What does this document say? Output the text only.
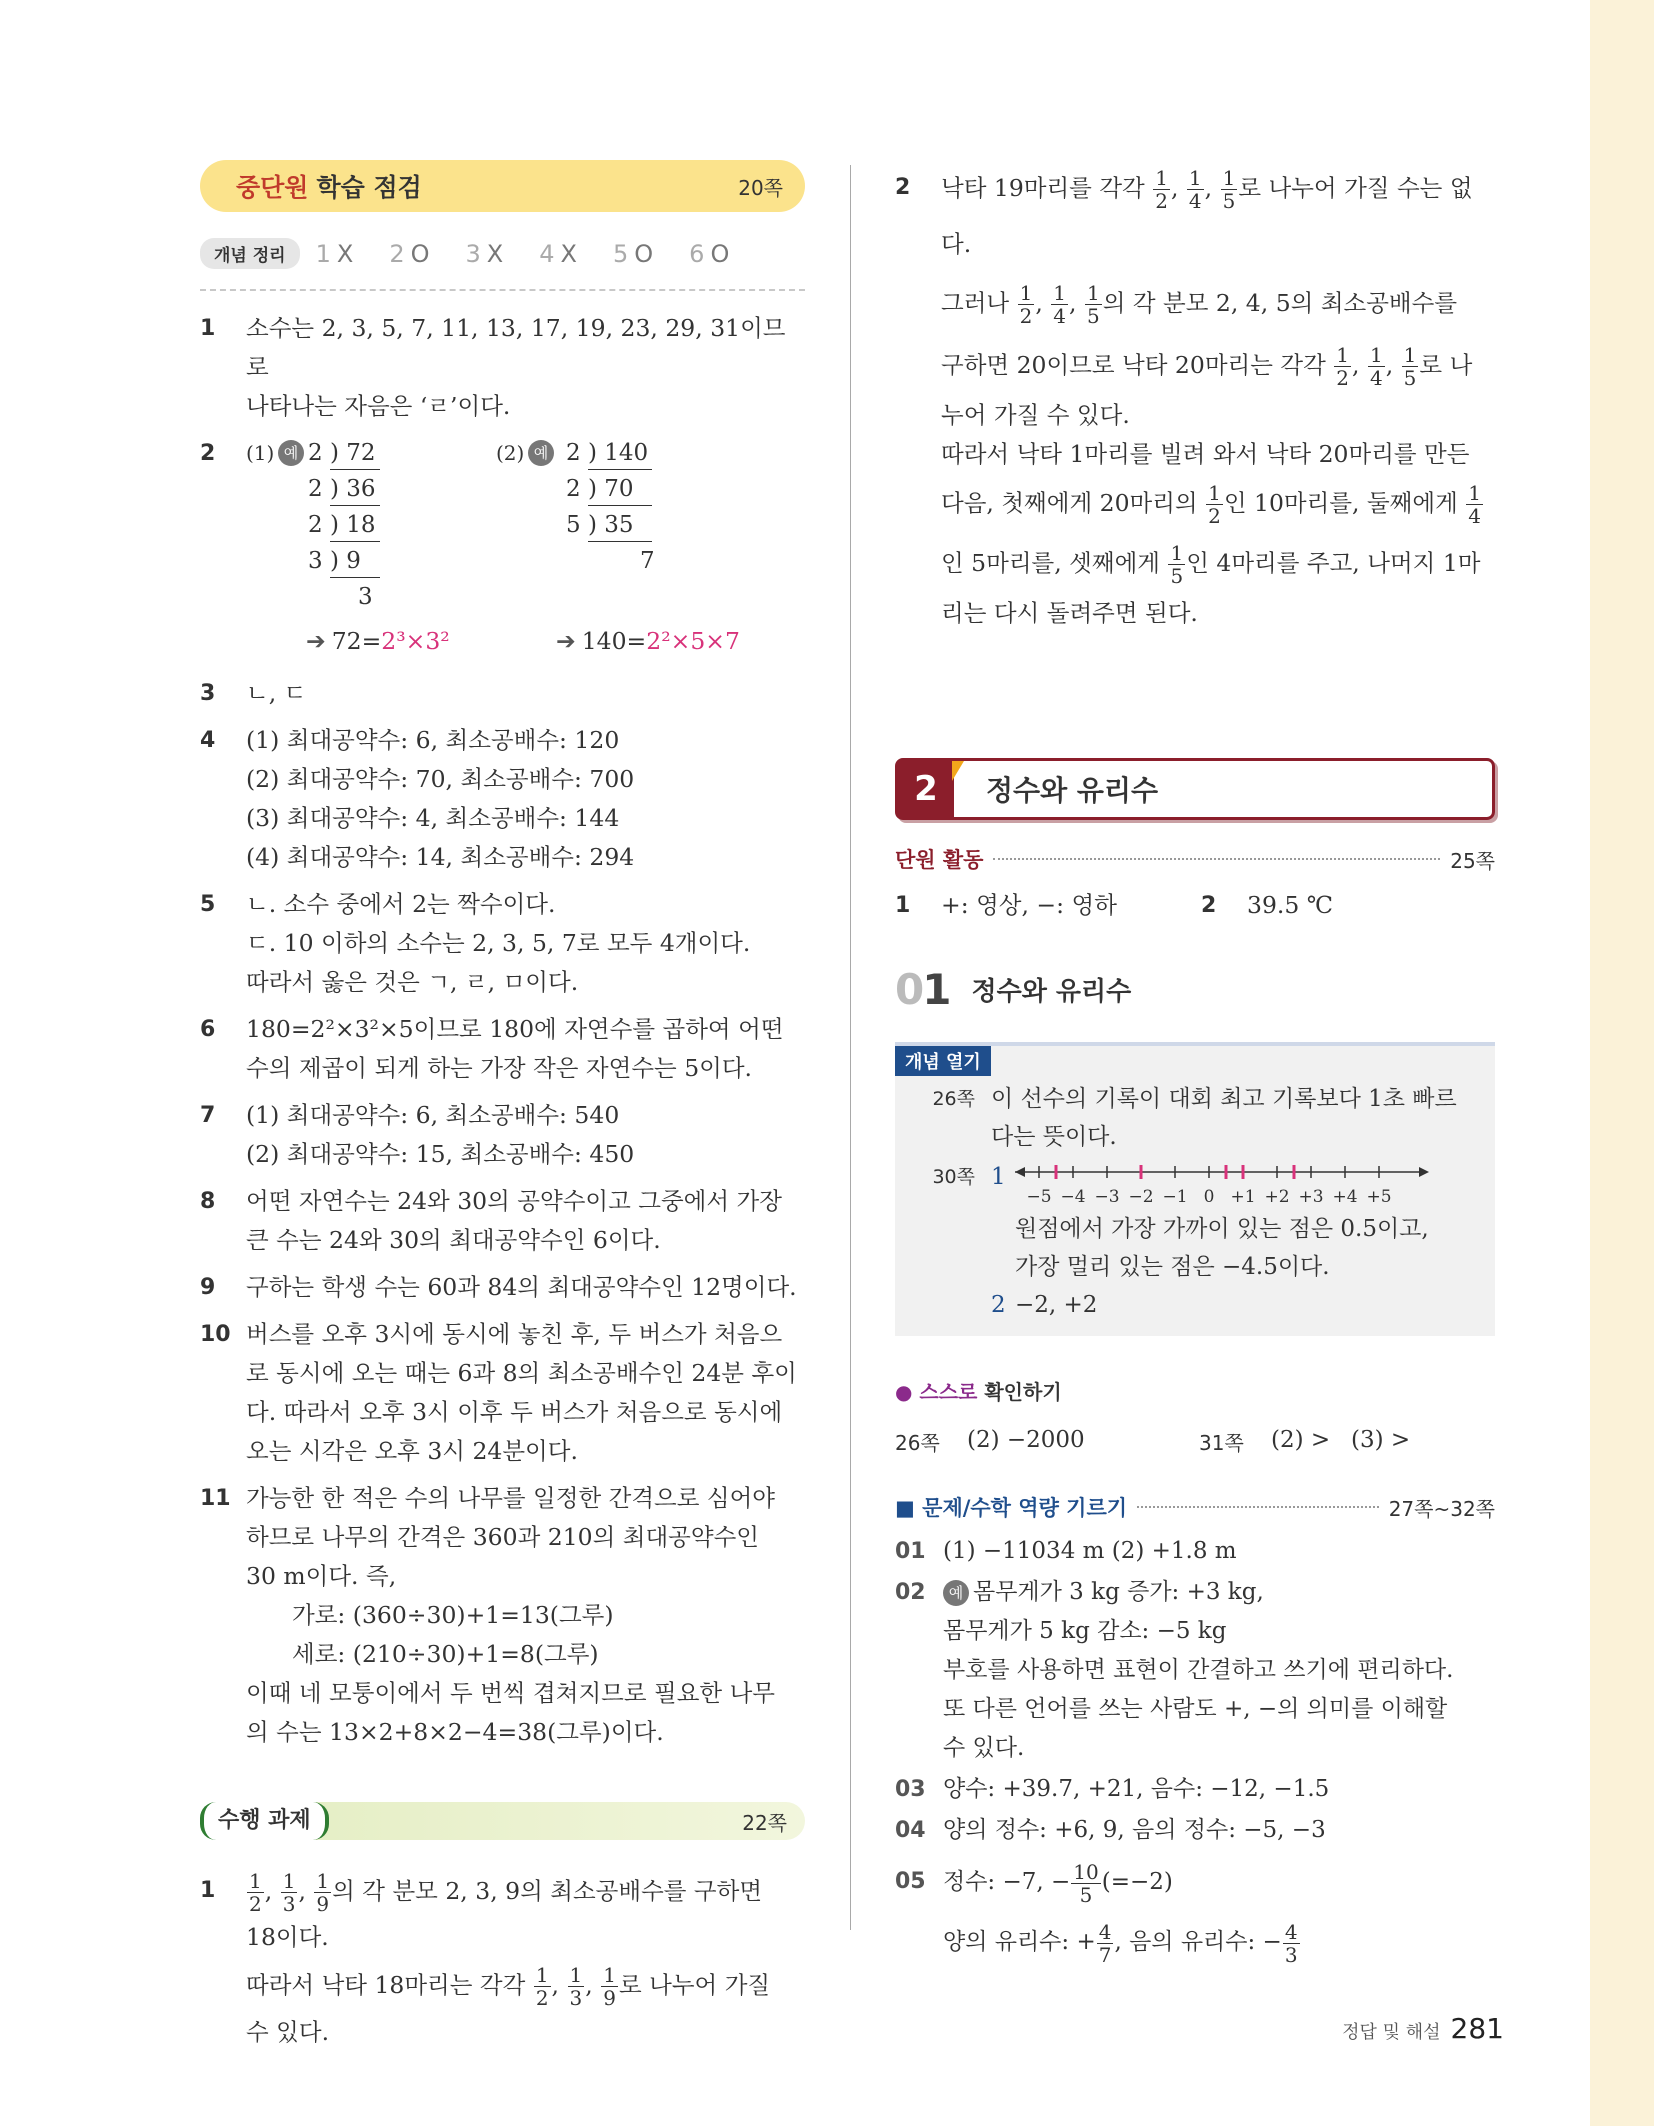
중단원 학습 점검	20쪽
개념 정리	1 X 2 O 3 X 4 X 5 O 6 O
1	소수는 2, 3, 5, 7, 11, 13, 17, 19, 23, 29, 31이므로
나타나는 자음은 ‘ㄹ’이다.
2	(1) 예 2 ) 72
2 ) 36
2 ) 18
3 ) 9
3
(2) 예 2 ) 140
2 ) 70
5 ) 35
7
➔ 72=2³×3²	➔ 140=2²×5×7
3	ㄴ, ㄷ
4	(1) 최대공약수: 6, 최소공배수: 120
(2) 최대공약수: 70, 최소공배수: 700
(3) 최대공약수: 4, 최소공배수: 144
(4) 최대공약수: 14, 최소공배수: 294
5	ㄴ. 소수 중에서 2는 짝수이다.
ㄷ. 10 이하의 소수는 2, 3, 5, 7로 모두 4개이다.
따라서 옳은 것은 ㄱ, ㄹ, ㅁ이다.
6	180=2²×3²×5이므로 180에 자연수를 곱하여 어떤
수의 제곱이 되게 하는 가장 작은 자연수는 5이다.
7	(1) 최대공약수: 6, 최소공배수: 540
(2) 최대공약수: 15, 최소공배수: 450
8	어떤 자연수는 24와 30의 공약수이고 그중에서 가장
큰 수는 24와 30의 최대공약수인 6이다.
9	구하는 학생 수는 60과 84의 최대공약수인 12명이다.
10 버스를 오후 3시에 동시에 놓친 후, 두 버스가 처음으
로 동시에 오는 때는 6과 8의 최소공배수인 24분 후이
다. 따라서 오후 3시 이후 두 버스가 처음으로 동시에
오는 시각은 오후 3시 24분이다.
11 가능한 한 적은 수의 나무를 일정한 간격으로 심어야
하므로 나무의 간격은 360과 210의 최대공약수인
30 m이다. 즉,
가로: (360÷30)+1=13(그루)
세로: (210÷30)+1=8(그루)
이때 네 모퉁이에서 두 번씩 겹쳐지므로 필요한 나무
의 수는 13×2+8×2−4=38(그루)이다.
수행 과제	22쪽
1	$\frac{1}{2}$ , $\frac{1}{3}$ , $\frac{1}{9}$ 의 각 분모 2, 3, 9의 최소공배수를 구하면
18이다.
따라서 낙타 18마리는 각각 $\frac{1}{2}$ , $\frac{1}{3}$ , $\frac{1}{9}$ 로 나누어 가질
수 있다.
2	낙타 19마리를 각각 $\frac{1}{2}$ , $\frac{1}{4}$ , $\frac{1}{5}$ 로 나누어 가질 수는 없다.
그러나 $\frac{1}{2}$ , $\frac{1}{4}$ , $\frac{1}{5}$ 의 각 분모 2, 4, 5의 최소공배수를
구하면 20이므로 낙타 20마리는 각각 $\frac{1}{2}$ , $\frac{1}{4}$ , $\frac{1}{5}$ 로 나
누어 가질 수 있다.
따라서 낙타 1마리를 빌려 와서 낙타 20마리를 만든
다음, 첫째에게 20마리의 $\frac{1}{2}$ 인 10마리를, 둘째에게 $\frac{1}{4}$
인 5마리를, 셋째에게 $\frac{1}{5}$ 인 4마리를 주고, 나머지 1마
리는 다시 돌려주면 된다.
2	정수와 유리수
단원 활동	25쪽
1	+: 영상, −: 영하	2	39.5 ℃
01 정수와 유리수
개념 열기
26쪽 이 선수의 기록이 대회 최고 기록보다 1초 빠르
다는 뜻이다.
30쪽 1
−5 −4 −3 −2 −1 0 +1 +2 +3 +4 +5
원점에서 가장 가까이 있는 점은 0.5이고,
가장 멀리 있는 점은 −4.5이다.
2 −2, +2
● 스스로 확인하기
26쪽	(2) −2000	31쪽	(2) > (3) >
■ 문제/수학 역량 기르기	27쪽~32쪽
01 (1) −11034 m (2) +1.8 m
02	예 몸무게가 3 kg 증가: +3 kg,
몸무게가 5 kg 감소: −5 kg
부호를 사용하면 표현이 간결하고 쓰기에 편리하다.
또 다른 언어를 쓰는 사람도 +, −의 의미를 이해할
수 있다.
03 양수: +39.7, +21, 음수: −12, −1.5
04 양의 정수: +6, 9, 음의 정수: −5, −3
05 정수: −7, − $\frac{10}{5} (=-2)$
양의 유리수: + $\frac{4}{7}$ , 음의 유리수: − $\frac{4}{3}$
정답 및 해설 281
